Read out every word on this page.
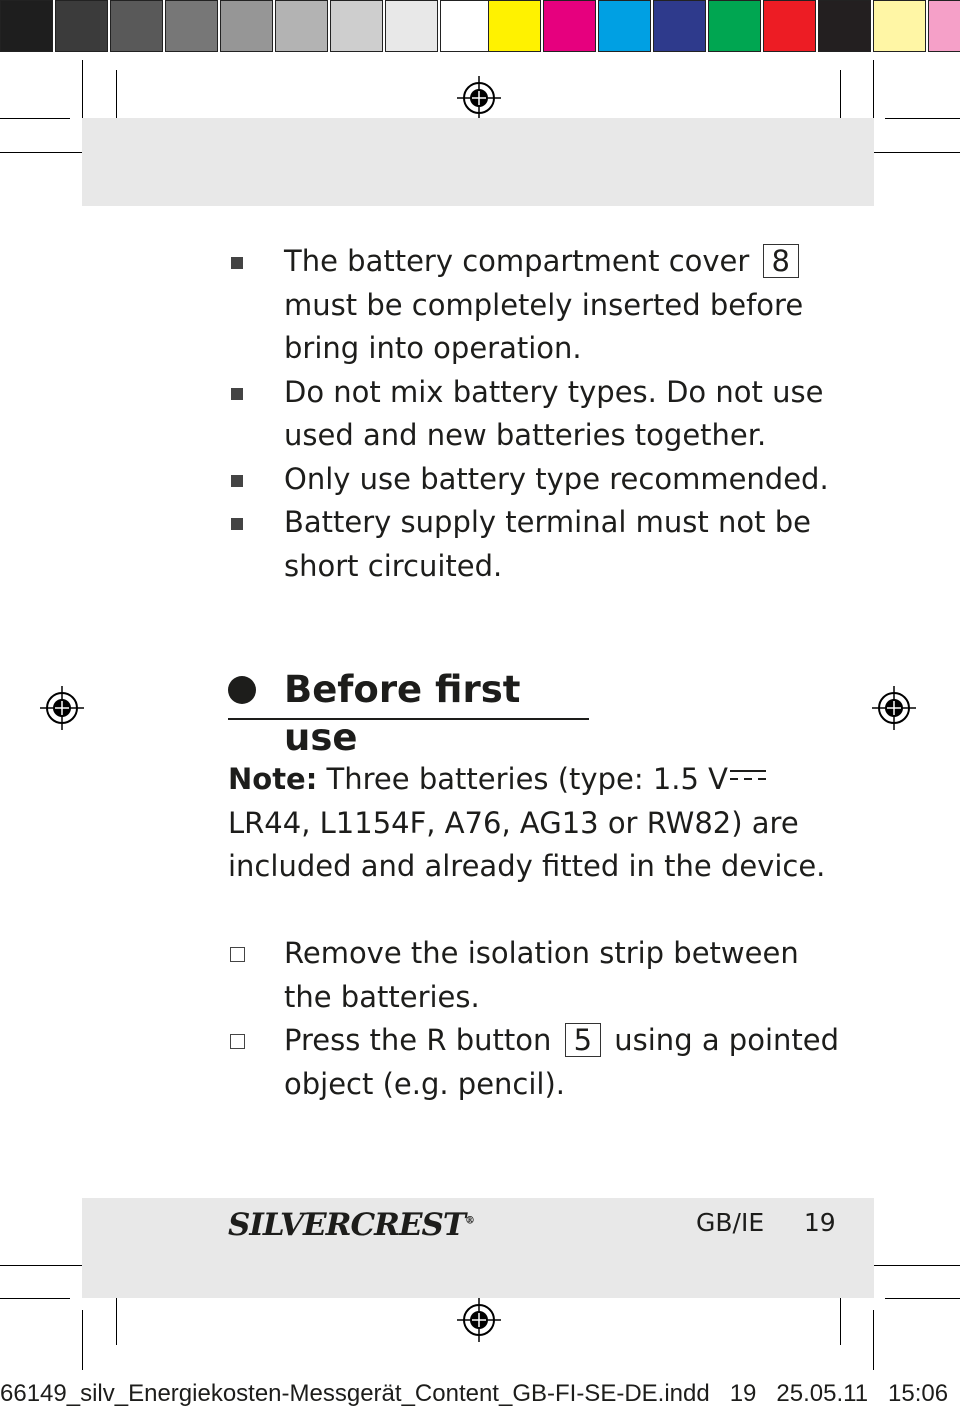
The battery compartment cover 8
must be completely inserted before
bring into operation.
Do not mix battery types. Do not use
used and new batteries together.
Only use battery type recommended.
Battery supply terminal must not be
short circuited.
Before first use
Note: Three batteries (type: 1.5 V
LR44, L1154F, A76, AG13 or RW82) are
included and already fitted in the device.
Remove the isolation strip between
the batteries.
Press the R button 5 using a pointed
object (e.g. pencil).
SILVERCREST®	GB/IE 19
66149_silv_Energiekosten-Messgerät_Content_GB-FI-SE-DE.indd   19   25.05.11   15:06
